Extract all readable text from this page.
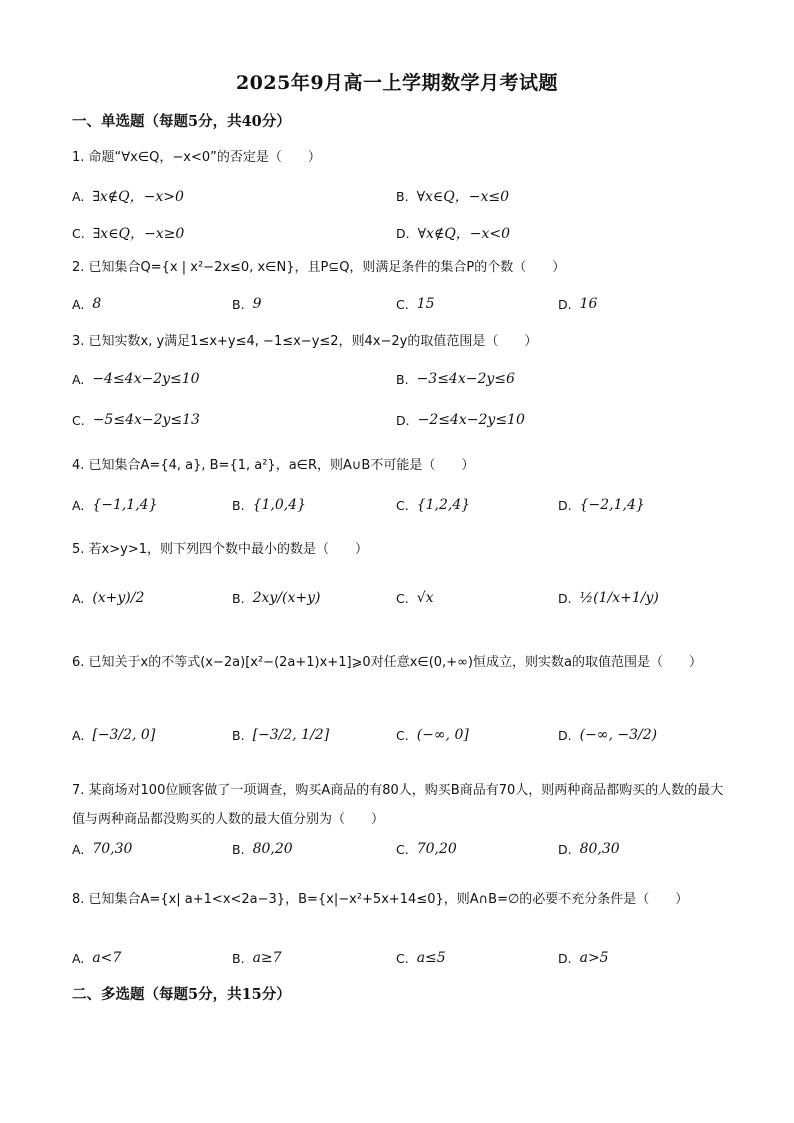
2025年9月高一上学期数学月考试题
一、单选题（每题5分，共40分）
1. 命题“∀x∈Q，−x<0”的否定是（　　）
A. ∃x∉Q，−x>0	B. ∀x∈Q，−x≤0
C. ∃x∈Q，−x≥0	D. ∀x∉Q，−x<0
2. 已知集合Q={x | x²−2x≤0, x∈N}，且P⊆Q，则满足条件的集合P的个数（　　）
A. 8	B. 9	C. 15	D. 16
3. 已知实数x, y满足1≤x+y≤4, −1≤x−y≤2，则4x−2y的取值范围是（　　）
A. −4≤4x−2y≤10	B. −3≤4x−2y≤6
C. −5≤4x−2y≤13	D. −2≤4x−2y≤10
4. 已知集合A={4, a}, B={1, a²}，a∈R，则A∪B不可能是（　　）
A. {−1,1,4}	B. {1,0,4}	C. {1,2,4}	D. {−2,1,4}
5. 若x>y>1，则下列四个数中最小的数是（　　）
A. (x+y)/2	B. 2xy/(x+y)	C. √x	D. ½(1/x+1/y)
6. 已知关于x的不等式(x−2a)[x²−(2a+1)x+1]⩾0对任意x∈(0,+∞)恒成立，则实数a的取值范围是（　　）
A. [−3/2, 0]	B. [−3/2, 1/2]	C. (−∞, 0]	D. (−∞, −3/2)
7. 某商场对100位顾客做了一项调查，购买A商品的有80人，购买B商品有70人，则两种商品都购买的人数的最大值与两种商品都没购买的人数的最大值分别为（　　）
A. 70,30	B. 80,20	C. 70,20	D. 80,30
8. 已知集合A={x| a+1<x<2a−3}，B={x|−x²+5x+14≤0}，则A∩B=∅的必要不充分条件是（　　）
A. a<7	B. a≥7	C. a≤5	D. a>5
二、多选题（每题5分，共15分）
